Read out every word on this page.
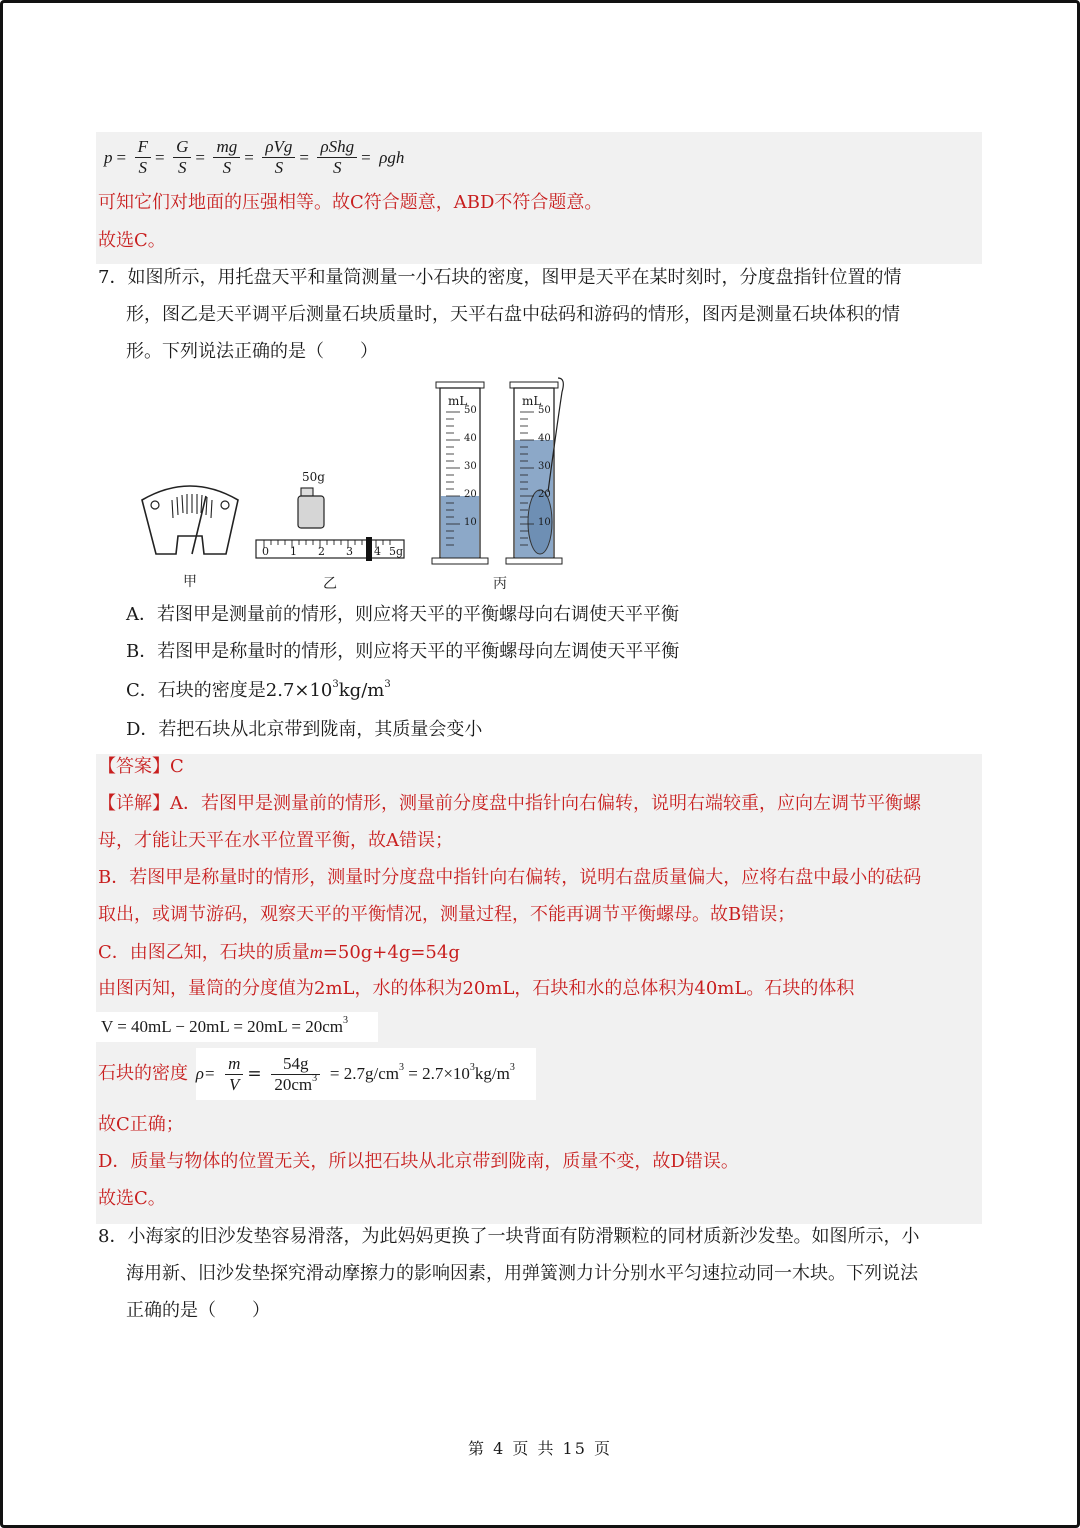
$p = \frac{F}{S} = \frac{G}{S} = \frac{mg}{S} = \frac{\text{ρVg}}{S} = \frac{\text{ρShg}}{S} = \rho gh$
可知它们对地面的压强相等。故C符合题意，ABD不符合题意。
故选C。
7．如图所示，用托盘天平和量筒测量一小石块的密度，图甲是天平在某时刻时，分度盘指针位置的情
形，图乙是天平调平后测量石块质量时，天平右盘中砝码和游码的情形，图丙是测量石块体积的情
形。下列说法正确的是（　　）
50g
0 1 2 3 4 5g
mL
50
40
30
20
10
mL
50
40
30
20
10
甲	乙	丙
A．若图甲是测量前的情形，则应将天平的平衡螺母向右调使天平平衡
B．若图甲是称量时的情形，则应将天平的平衡螺母向左调使天平平衡
C．石块的密度是$2.7\times 10^3kg/m^3$
D．若把石块从北京带到陇南，其质量会变小
【答案】C
【详解】A．若图甲是测量前的情形，测量前分度盘中指针向右偏转，说明右端较重，应向左调节平衡螺
母，才能让天平在水平位置平衡，故A错误；
B．若图甲是称量时的情形，测量时分度盘中指针向右偏转，说明右盘质量偏大，应将右盘中最小的砝码
取出，或调节游码，观察天平的平衡情况，测量过程，不能再调节平衡螺母。故B错误；
C．由图乙知，石块的质量m=50g+4g=54g
由图丙知，量筒的分度值为2mL，水的体积为20mL，石块和水的总体积为40mL。石块的体积
$V = 40mL - 20mL = 20mL = 20cm^3$
石块的密度 $\rho= \frac{m}{V} = \frac{54g}{20cm^3} = 2.7g/cm^3 = 2.7\times 10^3kg/m^3$
故C正确；
D．质量与物体的位置无关，所以把石块从北京带到陇南，质量不变，故D错误。
故选C。
8．小海家的旧沙发垫容易滑落，为此妈妈更换了一块背面有防滑颗粒的同材质新沙发垫。如图所示，小
海用新、旧沙发垫探究滑动摩擦力的影响因素，用弹簧测力计分别水平匀速拉动同一木块。下列说法
正确的是（　　）
第 4 页 共 15 页
